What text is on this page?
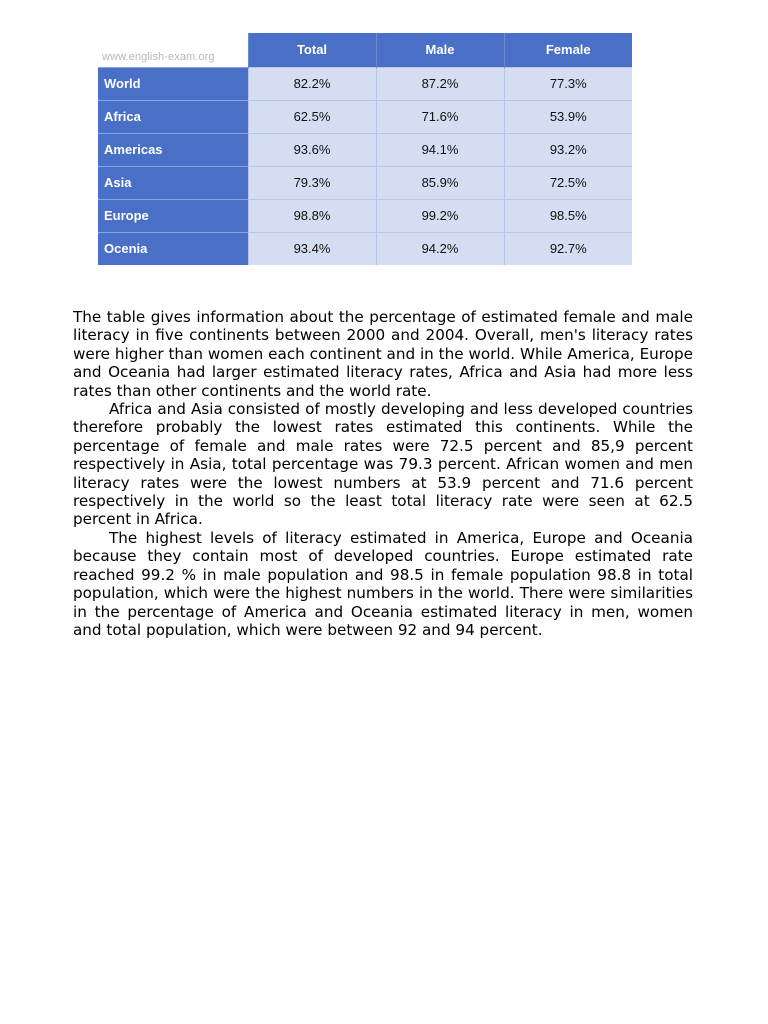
www.english-exam.org
		Total	Male	Female
World	82.2%	87.2%	77.3%
Africa	62.5%	71.6%	53.9%
Americas	93.6%	94.1%	93.2%
Asia	79.3%	85.9%	72.5%
Europe	98.8%	99.2%	98.5%
Ocenia	93.4%	94.2%	92.7%

The table gives information about the percentage of estimated female and male literacy in five continents between 2000 and 2004. Overall, men's literacy rates were higher than women each continent and in the world. While America, Europe and Oceania had larger estimated literacy rates, Africa and Asia had more less rates than other continents and the world rate.

Africa and Asia consisted of mostly developing and less developed countries therefore probably the lowest rates estimated this continents. While the percentage of female and male rates were 72.5 percent and 85,9 percent respectively in Asia, total percentage was 79.3 percent. African women and men literacy rates were the lowest numbers at 53.9 percent and 71.6 percent respectively in the world so the least total literacy rate were seen at 62.5 percent in Africa.

The highest levels of literacy estimated in America, Europe and Oceania because they contain most of developed countries. Europe estimated rate reached 99.2 % in male population and 98.5 in female population 98.8 in total population, which were the highest numbers in the world. There were similarities in the percentage of America and Oceania estimated literacy in men, women and total population, which were between 92 and 94 percent.
